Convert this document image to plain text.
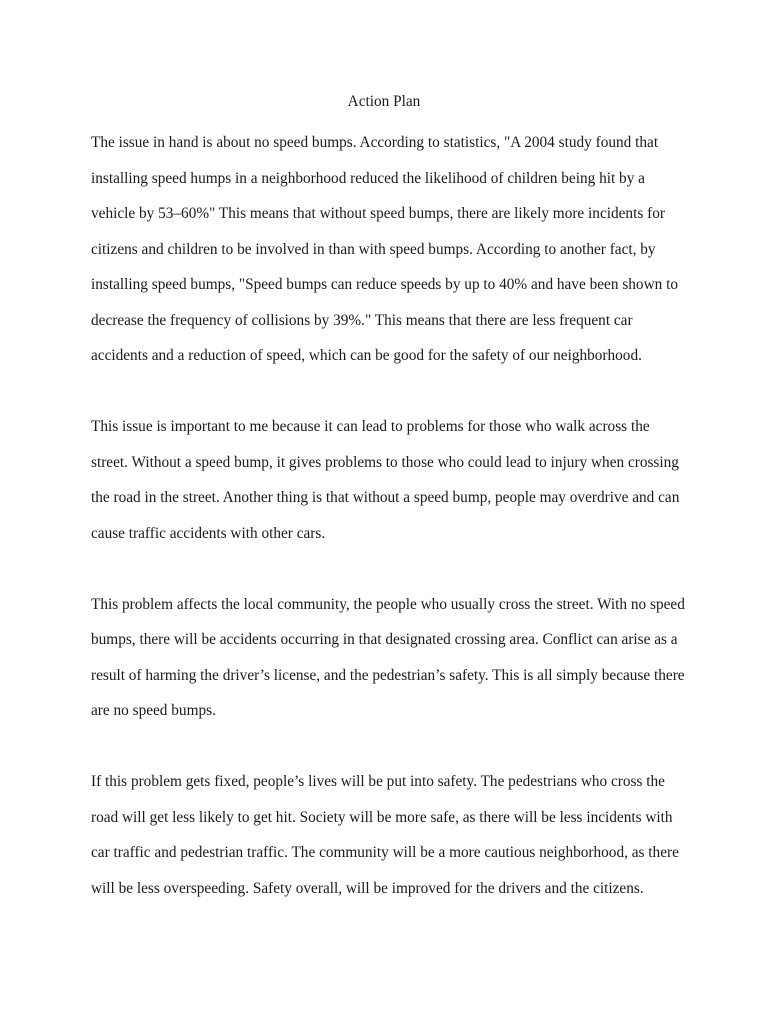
Action Plan

The issue in hand is about no speed bumps. According to statistics, "A 2004 study found that
installing speed humps in a neighborhood reduced the likelihood of children being hit by a
vehicle by 53–60%" This means that without speed bumps, there are likely more incidents for
citizens and children to be involved in than with speed bumps. According to another fact, by
installing speed bumps, "Speed bumps can reduce speeds by up to 40% and have been shown to
decrease the frequency of collisions by 39%." This means that there are less frequent car
accidents and a reduction of speed, which can be good for the safety of our neighborhood.

This issue is important to me because it can lead to problems for those who walk across the
street. Without a speed bump, it gives problems to those who could lead to injury when crossing
the road in the street. Another thing is that without a speed bump, people may overdrive and can
cause traffic accidents with other cars.

This problem affects the local community, the people who usually cross the street. With no speed
bumps, there will be accidents occurring in that designated crossing area. Conflict can arise as a
result of harming the driver’s license, and the pedestrian’s safety. This is all simply because there
are no speed bumps.

If this problem gets fixed, people’s lives will be put into safety. The pedestrians who cross the
road will get less likely to get hit. Society will be more safe, as there will be less incidents with
car traffic and pedestrian traffic. The community will be a more cautious neighborhood, as there
will be less overspeeding. Safety overall, will be improved for the drivers and the citizens.
